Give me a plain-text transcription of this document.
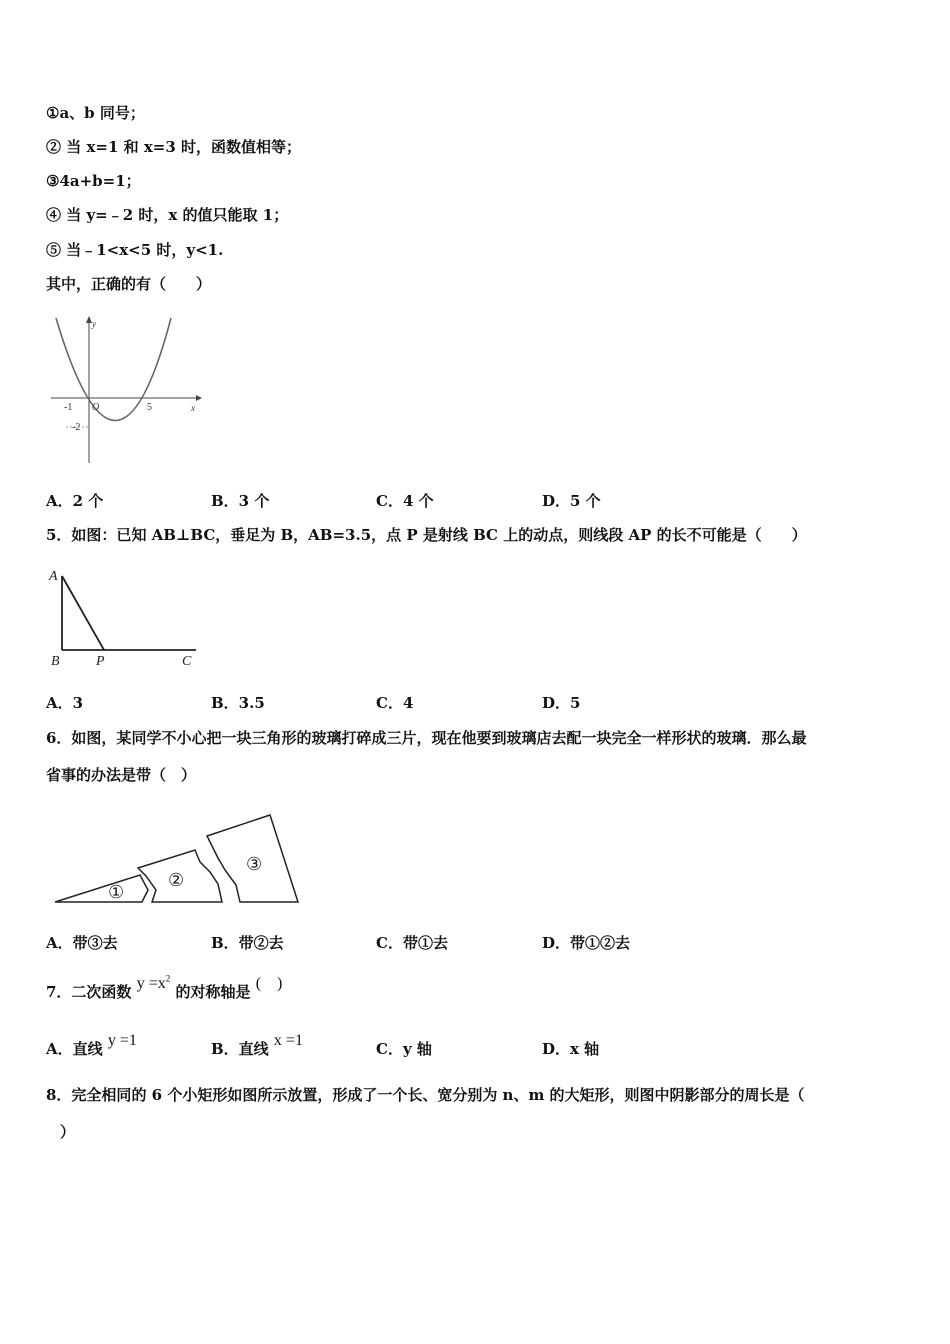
①a、b 同号；
② 当 x=1 和 x=3 时，函数值相等；
③4a+b=1；
④ 当 y=﹣2 时，x 的值只能取 1；
⑤ 当﹣1<x<5 时，y<1.
其中，正确的有（　　）
y
x
O
-1	5
-2
A．2 个	B．3 个	C．4 个	D．5 个
5．如图：已知 AB⊥BC，垂足为 B，AB=3.5，点 P 是射线 BC 上的动点，则线段 AP 的长不可能是（　　）
A
B	P	C
A．3	B．3.5	C．4	D．5
6．如图，某同学不小心把一块三角形的玻璃打碎成三片，现在他要到玻璃店去配一块完全一样形状的玻璃．那么最
省事的办法是带（　）
①
②
③
A．带③去	B．带②去	C．带①去	D．带①②去
7．二次函数 $y =x^2$ 的对称轴是 (　)
A．直线 y =1	B．直线 x =1	C．y 轴	D．x 轴
8．完全相同的 6 个小矩形如图所示放置，形成了一个长、宽分别为 n、m 的大矩形，则图中阴影部分的周长是（
）
